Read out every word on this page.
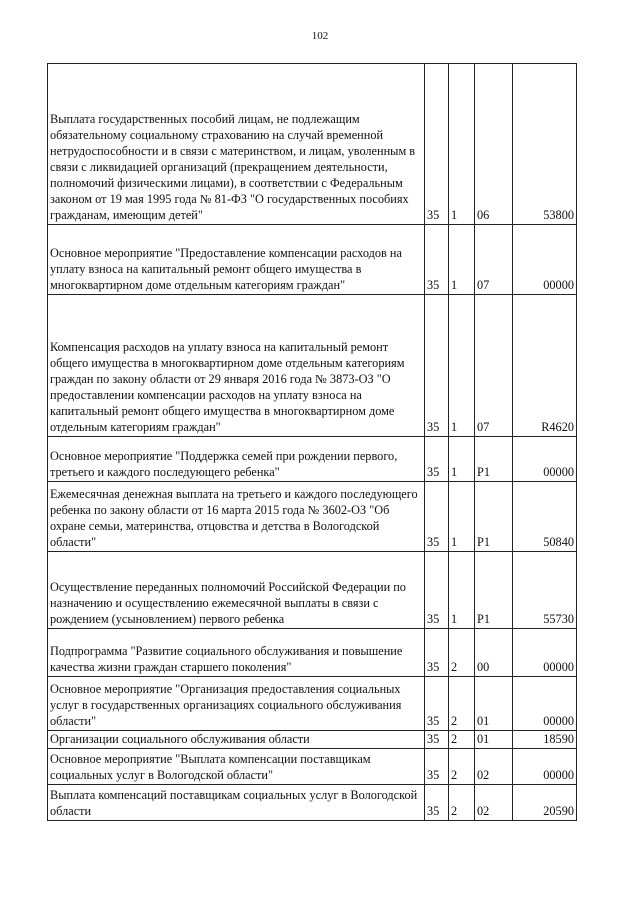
102
Выплата государственных пособий лицам, не подлежащим обязательному социальному страхованию на случай временной нетрудоспособности и в связи с материнством, и лицам, уволенным в связи с ликвидацией организаций (прекращением деятельности, полномочий физическими лицами), в соответствии с Федеральным законом от 19 мая 1995 года № 81-ФЗ "О государственных пособиях гражданам, имеющим детей"	35	1	06	53800

Основное мероприятие "Предоставление компенсации расходов на уплату взноса на капитальный ремонт общего имущества в многоквартирном доме отдельным категориям граждан"	35	1	07	00000

Компенсация расходов на уплату взноса на капитальный ремонт общего имущества в многоквартирном доме отдельным категориям граждан по закону области от 29 января 2016 года № 3873-ОЗ "О предоставлении компенсации расходов на уплату взноса на капитальный ремонт общего имущества в многоквартирном доме отдельным категориям граждан"	35	1	07	R4620

Основное мероприятие "Поддержка семей при рождении первого, третьего и каждого последующего ребенка"	35	1	P1	00000

Ежемесячная денежная выплата на третьего и каждого последующего ребенка по закону области от 16 марта 2015 года № 3602-ОЗ "Об охране семьи, материнства, отцовства и детства в Вологодской области"	35	1	P1	50840

Осуществление переданных полномочий Российской Федерации по назначению и осуществлению ежемесячной выплаты в связи с рождением (усыновлением) первого ребенка	35	1	P1	55730

Подпрограмма "Развитие социального обслуживания и повышение качества жизни граждан старшего поколения"	35	2	00	00000

Основное мероприятие "Организация предоставления социальных услуг в государственных организациях социального обслуживания области"	35	2	01	00000

Организации социального обслуживания области	35	2	01	18590

Основное мероприятие "Выплата компенсации поставщикам социальных услуг в Вологодской области"	35	2	02	00000

Выплата компенсаций поставщикам социальных услуг в Вологодской области	35	2	02	20590
